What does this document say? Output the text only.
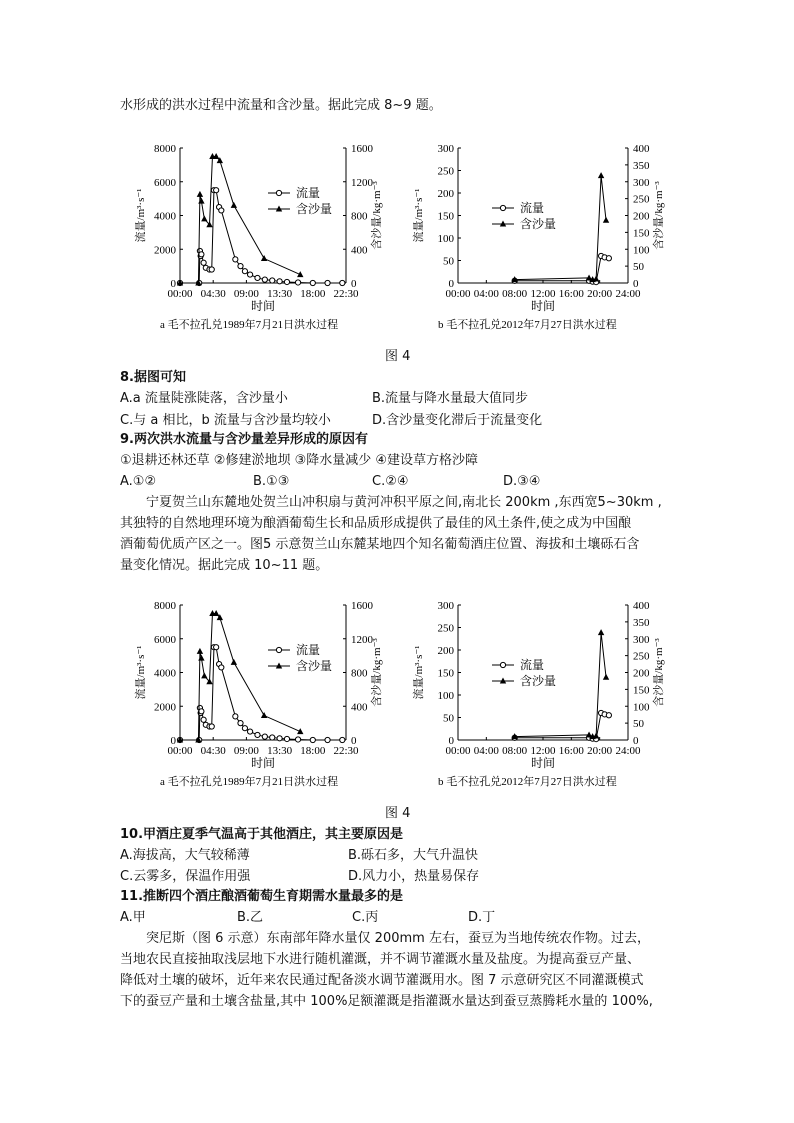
水形成的洪水过程中流量和含沙量。据此完成 8~9 题。
0
2000
4000
6000
8000
0
400
800
1200
1600
00:00 04:30 09:00 13:30 18:00 22:30
时间
流量/m³·s⁻¹	含沙量/kg·m⁻³
a 毛不拉孔兑1989年7月21日洪水过程
流量
含沙量
0
50
100
150
200
250
300
0
50
100
150
200
250
300
350
400
00:00 04:00 08:00 12:00 16:00 20:00 24:00
时间
流量/m³·s⁻¹	含沙量/kg·m⁻³
b 毛不拉孔兑2012年7月27日洪水过程
流量
含沙量
图 4
8.据图可知
A.a 流量陡涨陡落，含沙量小	B.流量与降水量最大值同步
C.与 a 相比，b 流量与含沙量均较小	D.含沙量变化滞后于流量变化
9.两次洪水流量与含沙量差异形成的原因有
①退耕还林还草 ②修建淤地坝 ③降水量减少 ④建设草方格沙障
A.①②	B.①③	C.②④	D.③④
宁夏贺兰山东麓地处贺兰山冲积扇与黄河冲积平原之间,南北长 200km ,东西宽5~30km ,
其独特的自然地理环境为酿酒葡萄生长和品质形成提供了最佳的风土条件,使之成为中国酿
酒葡萄优质产区之一。图5 示意贺兰山东麓某地四个知名葡萄酒庄位置、海拔和土壤砾石含
量变化情况。据此完成 10~11 题。
0
2000
4000
6000
8000
0
400
800
1200
1600
00:00 04:30 09:00 13:30 18:00 22:30
时间
流量/m³·s⁻¹	含沙量/kg·m⁻³
a 毛不拉孔兑1989年7月21日洪水过程
流量
含沙量
0
50
100
150
200
250
300
0
50
100
150
200
250
300
350
400
00:00 04:00 08:00 12:00 16:00 20:00 24:00
时间
流量/m³·s⁻¹	含沙量/kg·m⁻³
b 毛不拉孔兑2012年7月27日洪水过程
流量
含沙量
图 4
10.甲酒庄夏季气温高于其他酒庄，其主要原因是
A.海拔高，大气较稀薄	B.砾石多，大气升温快
C.云雾多，保温作用强	D.风力小，热量易保存
11.推断四个酒庄酿酒葡萄生育期需水量最多的是
A.甲	B.乙	C.丙	D.丁
突尼斯（图 6 示意）东南部年降水量仅 200mm 左右，蚕豆为当地传统农作物。过去，
当地农民直接抽取浅层地下水进行随机灌溉，并不调节灌溉水量及盐度。为提高蚕豆产量、
降低对土壤的破坏，近年来农民通过配备淡水调节灌溉用水。图 7 示意研究区不同灌溉模式
下的蚕豆产量和土壤含盐量,其中 100%足额灌溉是指灌溉水量达到蚕豆蒸腾耗水量的 100%,
